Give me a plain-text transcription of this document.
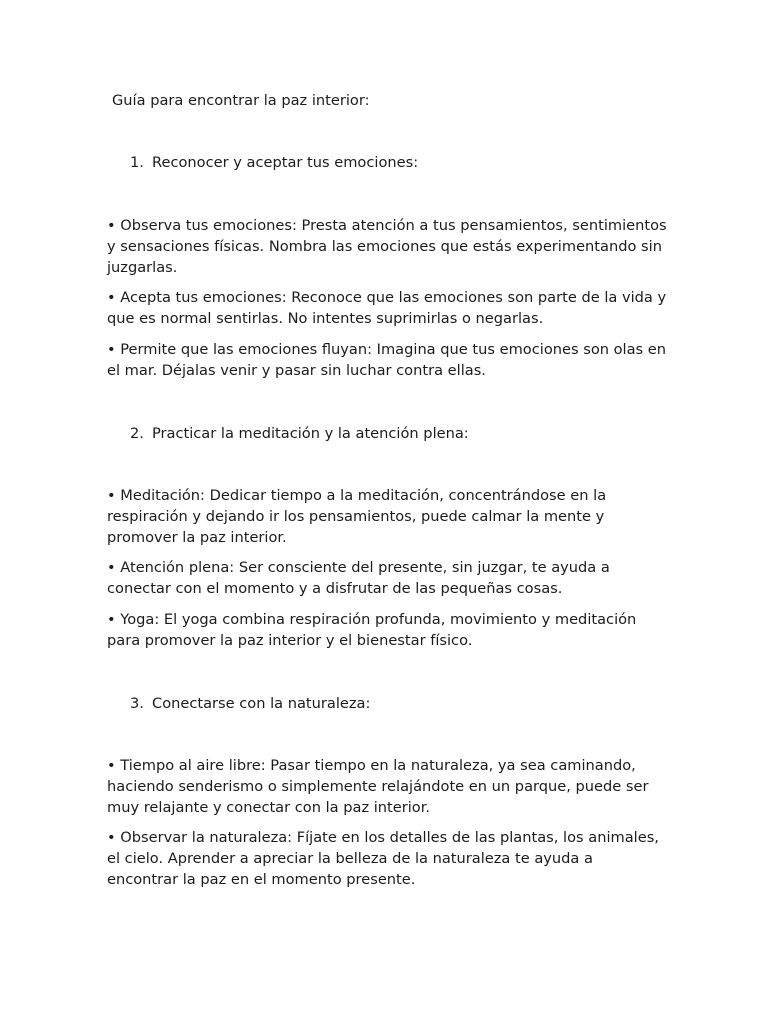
Guía para encontrar la paz interior:
1. Reconocer y aceptar tus emociones:

• Observa tus emociones: Presta atención a tus pensamientos, sentimientos y sensaciones físicas. Nombra las emociones que estás experimentando sin juzgarlas.

• Acepta tus emociones: Reconoce que las emociones son parte de la vida y que es normal sentirlas. No intentes suprimirlas o negarlas.

• Permite que las emociones fluyan: Imagina que tus emociones son olas en el mar. Déjalas venir y pasar sin luchar contra ellas.

2. Practicar la meditación y la atención plena:

• Meditación: Dedicar tiempo a la meditación, concentrándose en la respiración y dejando ir los pensamientos, puede calmar la mente y promover la paz interior.

• Atención plena: Ser consciente del presente, sin juzgar, te ayuda a conectar con el momento y a disfrutar de las pequeñas cosas.

• Yoga: El yoga combina respiración profunda, movimiento y meditación para promover la paz interior y el bienestar físico.

3. Conectarse con la naturaleza:

• Tiempo al aire libre: Pasar tiempo en la naturaleza, ya sea caminando, haciendo senderismo o simplemente relajándote en un parque, puede ser muy relajante y conectar con la paz interior.

• Observar la naturaleza: Fíjate en los detalles de las plantas, los animales, el cielo. Aprender a apreciar la belleza de la naturaleza te ayuda a encontrar la paz en el momento presente.
